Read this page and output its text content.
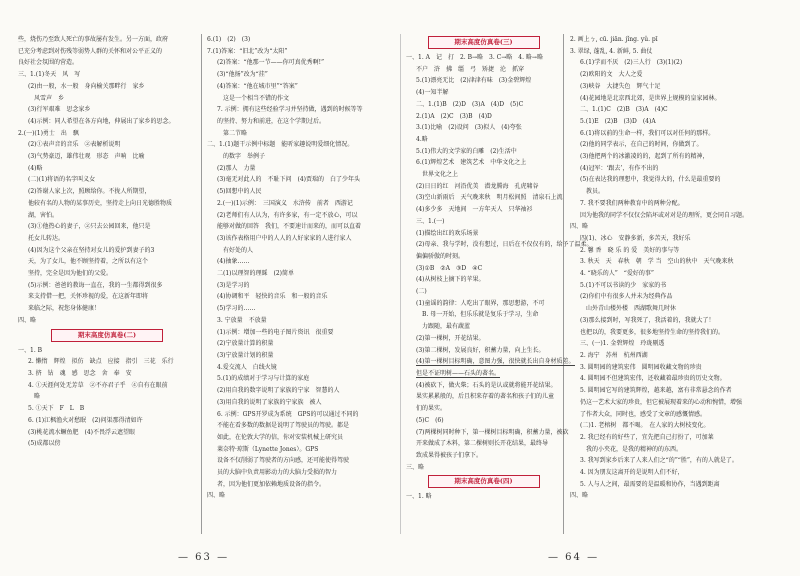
些，烧伤乃至致人死亡的事故屡有发生。另一方面，政府
已充分考虑到对伤残等弱势人群的关怀和对公平正义的
良好社会氛围的营造。
三、1.(1)冬天　风　写
(2)由一般，水一般　身向榆关那畔行　家乡
风雪声　乡
(3)行军艰难　思念家乡
(4)示例：同人希望在各方向地，伸展出了家乡的思念。
2.(一)(1)勇士　出　飘
(2)①表声音的音乐　②表解析说明
(3)气势豪迈，雄伟壮观　形态　声响　比喻
(4)略
(二)(1)将语的名字叫义女
(2)答谢人家上次，照顾给你。不拢人所期望，
他较有名的人物的某事历史，坚持走上向日光德胜物质
湖，害怕。
(3)①他热心的妻子，②只去公园回来，他只是
托女儿转达。
(4)因为这个父亲在坚持对女儿的爱护到妻子的3
天，为了女儿，他不顾坚持着，之所以有这个
坚持，完全是因为他们的父爱。
(5)示例：爸爸的教诲一直在，我的一生都得到很多
来支持借一把，关怀珍视的爱，在这新年即将
来临之际，祝您身体健康！
四、略
期末高度仿真卷(二)
一、1. B
2. 懒惰　辉煌　拟仿　缺点　应接　指引　三花　乐行
3. 挤　钻　魂　感　思念　舍　奉　安
4. ①天涯何处无芳草　②不亦君子乎　④自有在眼前
略
5. ①天下　F　L　B
6. (1)江枫渔火对愁眠　(2)问渠那得清如许
(3)桃花流水鳜鱼肥　(4)不畏浮云遮望眼
(5)成都以傍
6.(1)　(2)　(3)
7.(1)答案：“旧北”改为“太阳”
(2)答案：“他那一节——你可真优秀啊!”
(3)“他扬”改为“挂”
(4)答案：“他在城市里”“答案”
这是一个相当不错的作文
7. 示例：拥有这些经验学习并坚持做，遇到的时候等等
的坚持、努力和前进，在这个学期过后。
第二节略
二、1.(1)题干示例中标题　能听家趣说明爱细化情况。
的数字　举例子
(2)那人　力量
(3)毫无对此人的　不耻下问　(4)贾瑞的　白了少年头
(5)回想中的人民
2.(一)(1)示例：　三国演义　水浒传　前者　西游记
(2)老师们有人认为，有许多家，有一定不放心，可以
能够对做的回答　我们，不要速计而来的，而可以直着
(3)该作表格用户中的人人的人好家家的人进行家人
有好处的人
(4)抽象……
二(1)以理智的理睬　(2)简单
(3)是学习的
(4)协调和平　轻快的音乐　和一般的音乐
(5)学习的……
3. 宁放量　不放量
(1)示例：增加一些的电子图片资讯　很重要
(2)宁放量计算的积量
(3)宁放量计划的积量
4.爱交流人　白线火镜
5.(1)的成绩对于学习与计算的家庭
(2)用自我的数字说明了家族的宁家　智慧的人
(3)用自我的说明了家族的宁家族　被人
6. 示例：GPS开罗成为系统　GPS的可以通过不同的
不能在看多数的数据是说明了驾驶员的驾驶。都是
如此，在伦敦大学的信，你对安装机械上研究员
莱奈特·琼斯（Lynette Jones）。GPS
设备不仅削弱了驾驶者的方向感，还可能使得驾驶
员的大脑中负责用影动力的大脑力受损的智力
者，因为他们更加依赖地质设备的指令。
四、略
期末高度仿真卷(三)
一、1. A　记　打　2. B→略　3. C→略　4. 略→略
不户　浒　拂　缰　弓　矫捷　沦　抓穿
5.(1)漂亮无比　(2)津津有味　(3)金碧辉煌
(4)一知半解
二、1.(1)B　(2)D　(3)A　(4)D　(5)C
2.(1)A　(2)C　(3)B　(4)D
3.(1)比喻　(2)设问　(3)拟人　(4)夸张
4.略
5.(1)伟大的文学家的白雕　(2)生活中
6.(1)辉煌艺术　建筑艺术　中华文化之上
世界文化之上
(2)日日的红　河沿优美　潜龙腾海　孔虎啸谷
(3)空山新雨后　天气晚来秋　明月松间照　清泉石上流
(4)多少多　天地间　一方年天人　只华袖衫
三、1.(一)
(1)描绘出红的欢乐场景
(2)母亲、我与学时，没有想过，日后在不仅仅有的，给予了温柔。
偏偏骄傲的时刻。
(3)①B　②A　③D　④C
(4)从树枝上摘下的苹果。
(二)
(1)童谣的韵律：人吃出了眼界，那思想游，不可
B. 母一开始，但乐乐就是复乐于学习，生命
力跟随，最有蔬蓝
(2)第一棵树，开花结果。
(3)第二棵树，发展良好，积蓄力量，向上生长。
(4)第一棵树目标明确，意图力强，很快就长出自身材质差。
但是不证明树——石头的著名。
(4)被砍下，做火柴；石头的是认或就将能开花结果。
果实累累般的，后且积来存着的著名和孩子们的儿童
们的果实。
(5)C　(6)
(7)两棵树同时种下，第一棵树目标明确，积蓄力量，被砍
开来做成了木料，第二棵树则长开花结果，最终导
致成果得被孩子们拿下。
三、略
期末高度仿真卷(四)
一、1. 略
2. 画上ㄅ, cū. jiān. jǐng. yǔ. pī
3. 翠绿, 蓬乱, 4. 新鲜, 5. 曲仗
6.(1)学而不厌　(2)三人行　(3)(1)(2)
(2)欧阳的文　大人之爱
(3)峡谷　大捷失色　辉气十足
(4)花园地是北京西北郊，是世界上规模的皇家园林。
二、1.(1)C　(2)B　(3)A　(4)C
5.(1)E　(2)B　(3)D　(4)A
6.(1)将以前的生命一样，我们可以对任何的那样。
(2)他的同学表示，在自己的时间，你做到了。
(3)他把两个的冰激凌的的，起到了所有的精神，
(4)冠军：‘跟去’，有作不出的
(5)在表达我的理想中，我觉得大的，什么是最重要的
教员。
7. 我不要我们两种教育中的两种分配。
因为他我的同学不仅仅会陷坏或对对是的理所，更会同自习题。
四、略
四(1)、冰心　安静多新，多苦天，我好乐
2. 馨 香　晓 乐 的 爱　美好的事与等　
3. 秋天　天　春秋　朝　学 当　空山的秋中　天气晚来秋
4. “晓乐的人”　“爱好的事”
5.(1)不可以书读的少　家家的书
(2)你们中有很多人并未为经典作品
山外青山楼外楼　西湖歌舞几时休
(3)那么接到时，写我死了，我活着的，我就大了！
也把以的，我要更多，很多地坚持生命的坚持我们的。
三、(一)1. 金碧辉煌　玲珑剔透
2. 海宁　苏州　杭州西湖
3. 圆明园的建筑宏伟　圆明园收藏文物的珍贵
4. 圆明园不但建筑宏伟，还收藏着最珍贵的历史文物。
5. 圆明园它写的建筑辉煌，越来越，富有非常悬念的作者
仍这一艺术大家的珍贵，但它被展现着来的心动和惋惜，增强
了作者大众，同时也，感受了文章的感慨情感。
(二)1. 老榕树　都不喝。　在人家的大树枝变化。
2. 我已经有的好些了，宜先把自己打扮了，可加莱
我的小夹花，是我的精神的的东西。
3. 我写到家乡后来了人来人们之“的”“胜”，有的人就是了。
4. 因为朋友这离开的是说明人们不好，
5. 人与人之间，最需要的是温暖和协作，当遇到距离
四、略
— 63 —	— 64 —
